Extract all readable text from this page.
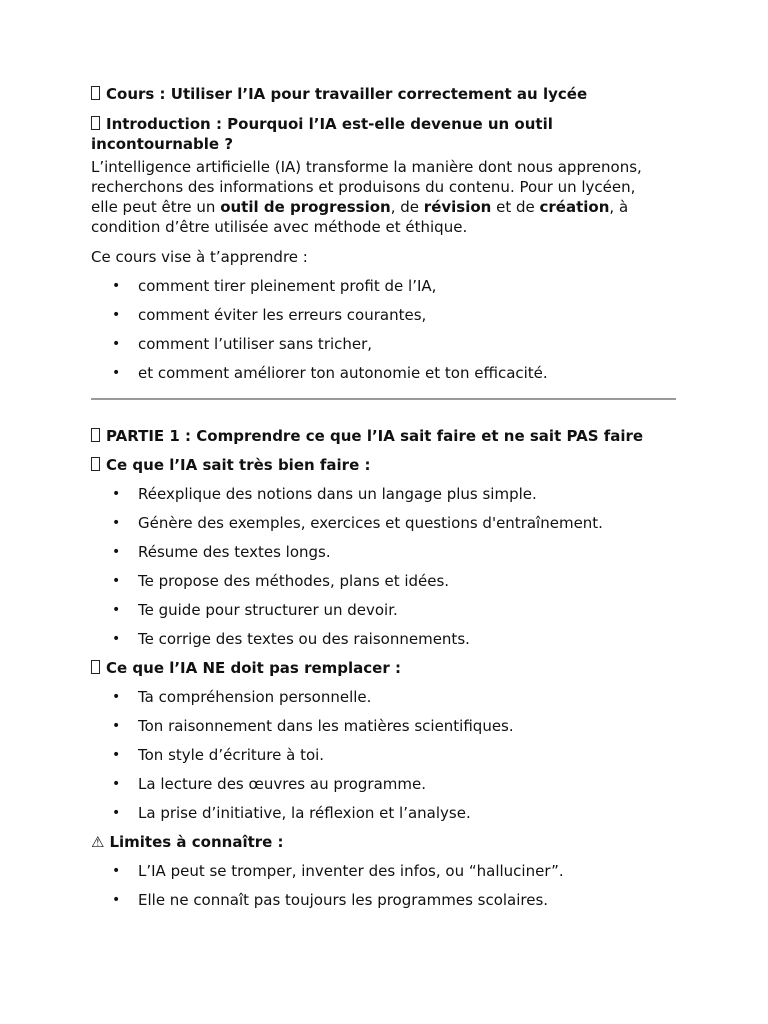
Cours : Utiliser l’IA pour travailler correctement au lycée
Introduction : Pourquoi l’IA est-elle devenue un outil
incontournable ?
L’intelligence artificielle (IA) transforme la manière dont nous apprenons,
recherchons des informations et produisons du contenu. Pour un lycéen,
elle peut être un outil de progression, de révision et de création, à
condition d’être utilisée avec méthode et éthique.
Ce cours vise à t’apprendre :
• comment tirer pleinement profit de l’IA,
• comment éviter les erreurs courantes,
• comment l’utiliser sans tricher,
• et comment améliorer ton autonomie et ton efficacité.
PARTIE 1 : Comprendre ce que l’IA sait faire et ne sait PAS faire
Ce que l’IA sait très bien faire :
• Réexplique des notions dans un langage plus simple.
• Génère des exemples, exercices et questions d'entraînement.
• Résume des textes longs.
• Te propose des méthodes, plans et idées.
• Te guide pour structurer un devoir.
• Te corrige des textes ou des raisonnements.
Ce que l’IA NE doit pas remplacer :
• Ta compréhension personnelle.
• Ton raisonnement dans les matières scientifiques.
• Ton style d’écriture à toi.
• La lecture des œuvres au programme.
• La prise d’initiative, la réflexion et l’analyse.
⚠ Limites à connaître :
• L’IA peut se tromper, inventer des infos, ou “halluciner”.
• Elle ne connaît pas toujours les programmes scolaires.
